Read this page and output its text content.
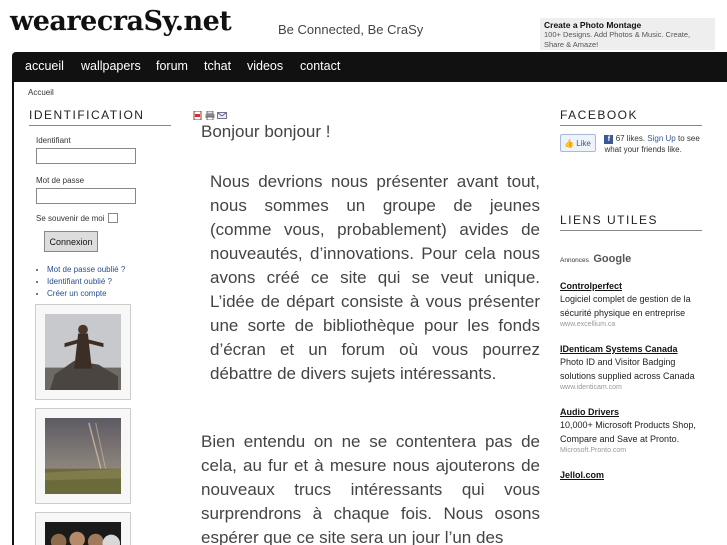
wearecraSy.net	Be Connected, Be CraSy	Create a Photo Montage
100+ Designs. Add Photos & Music. Create, Share & Amaze!
accueil wallpapers forum tchat videos contact
Accueil
IDENTIFICATION
Identifiant
Mot de passe
Se souvenir de moi
Connexion
• Mot de passe oublié ?
• Identifiant oublié ?
• Créer un compte
Bonjour bonjour !
Nous devrions nous présenter avant tout, nous sommes un groupe de jeunes (comme vous, probablement) avides de nouveautés, d’innovations. Pour cela nous avons créé ce site qui se veut unique. L’idée de départ consiste à vous présenter une sorte de bibliothèque pour les fonds d’écran et un forum où vous pourrez débattre de divers sujets intéressants.
Bien entendu on ne se contentera pas de cela, au fur et à mesure nous ajouterons de nouveaux trucs intéressants qui vous surprendrons à chaque fois. Nous osons espérer que ce site sera un jour l’un des
FACEBOOK
👍 Like f 67 likes. Sign Up to see what your friends like.
LIENS UTILES
Annonces Google
Controlperfect
Logiciel complet de gestion de la sécurité physique en entreprise
www.excellium.ca
IDenticam Systems Canada
Photo ID and Visitor Badging solutions supplied across Canada
www.identicam.com
Audio Drivers
10,000+ Microsoft Products Shop, Compare and Save at Pronto.
Microsoft.Pronto.com
Jellol.com
